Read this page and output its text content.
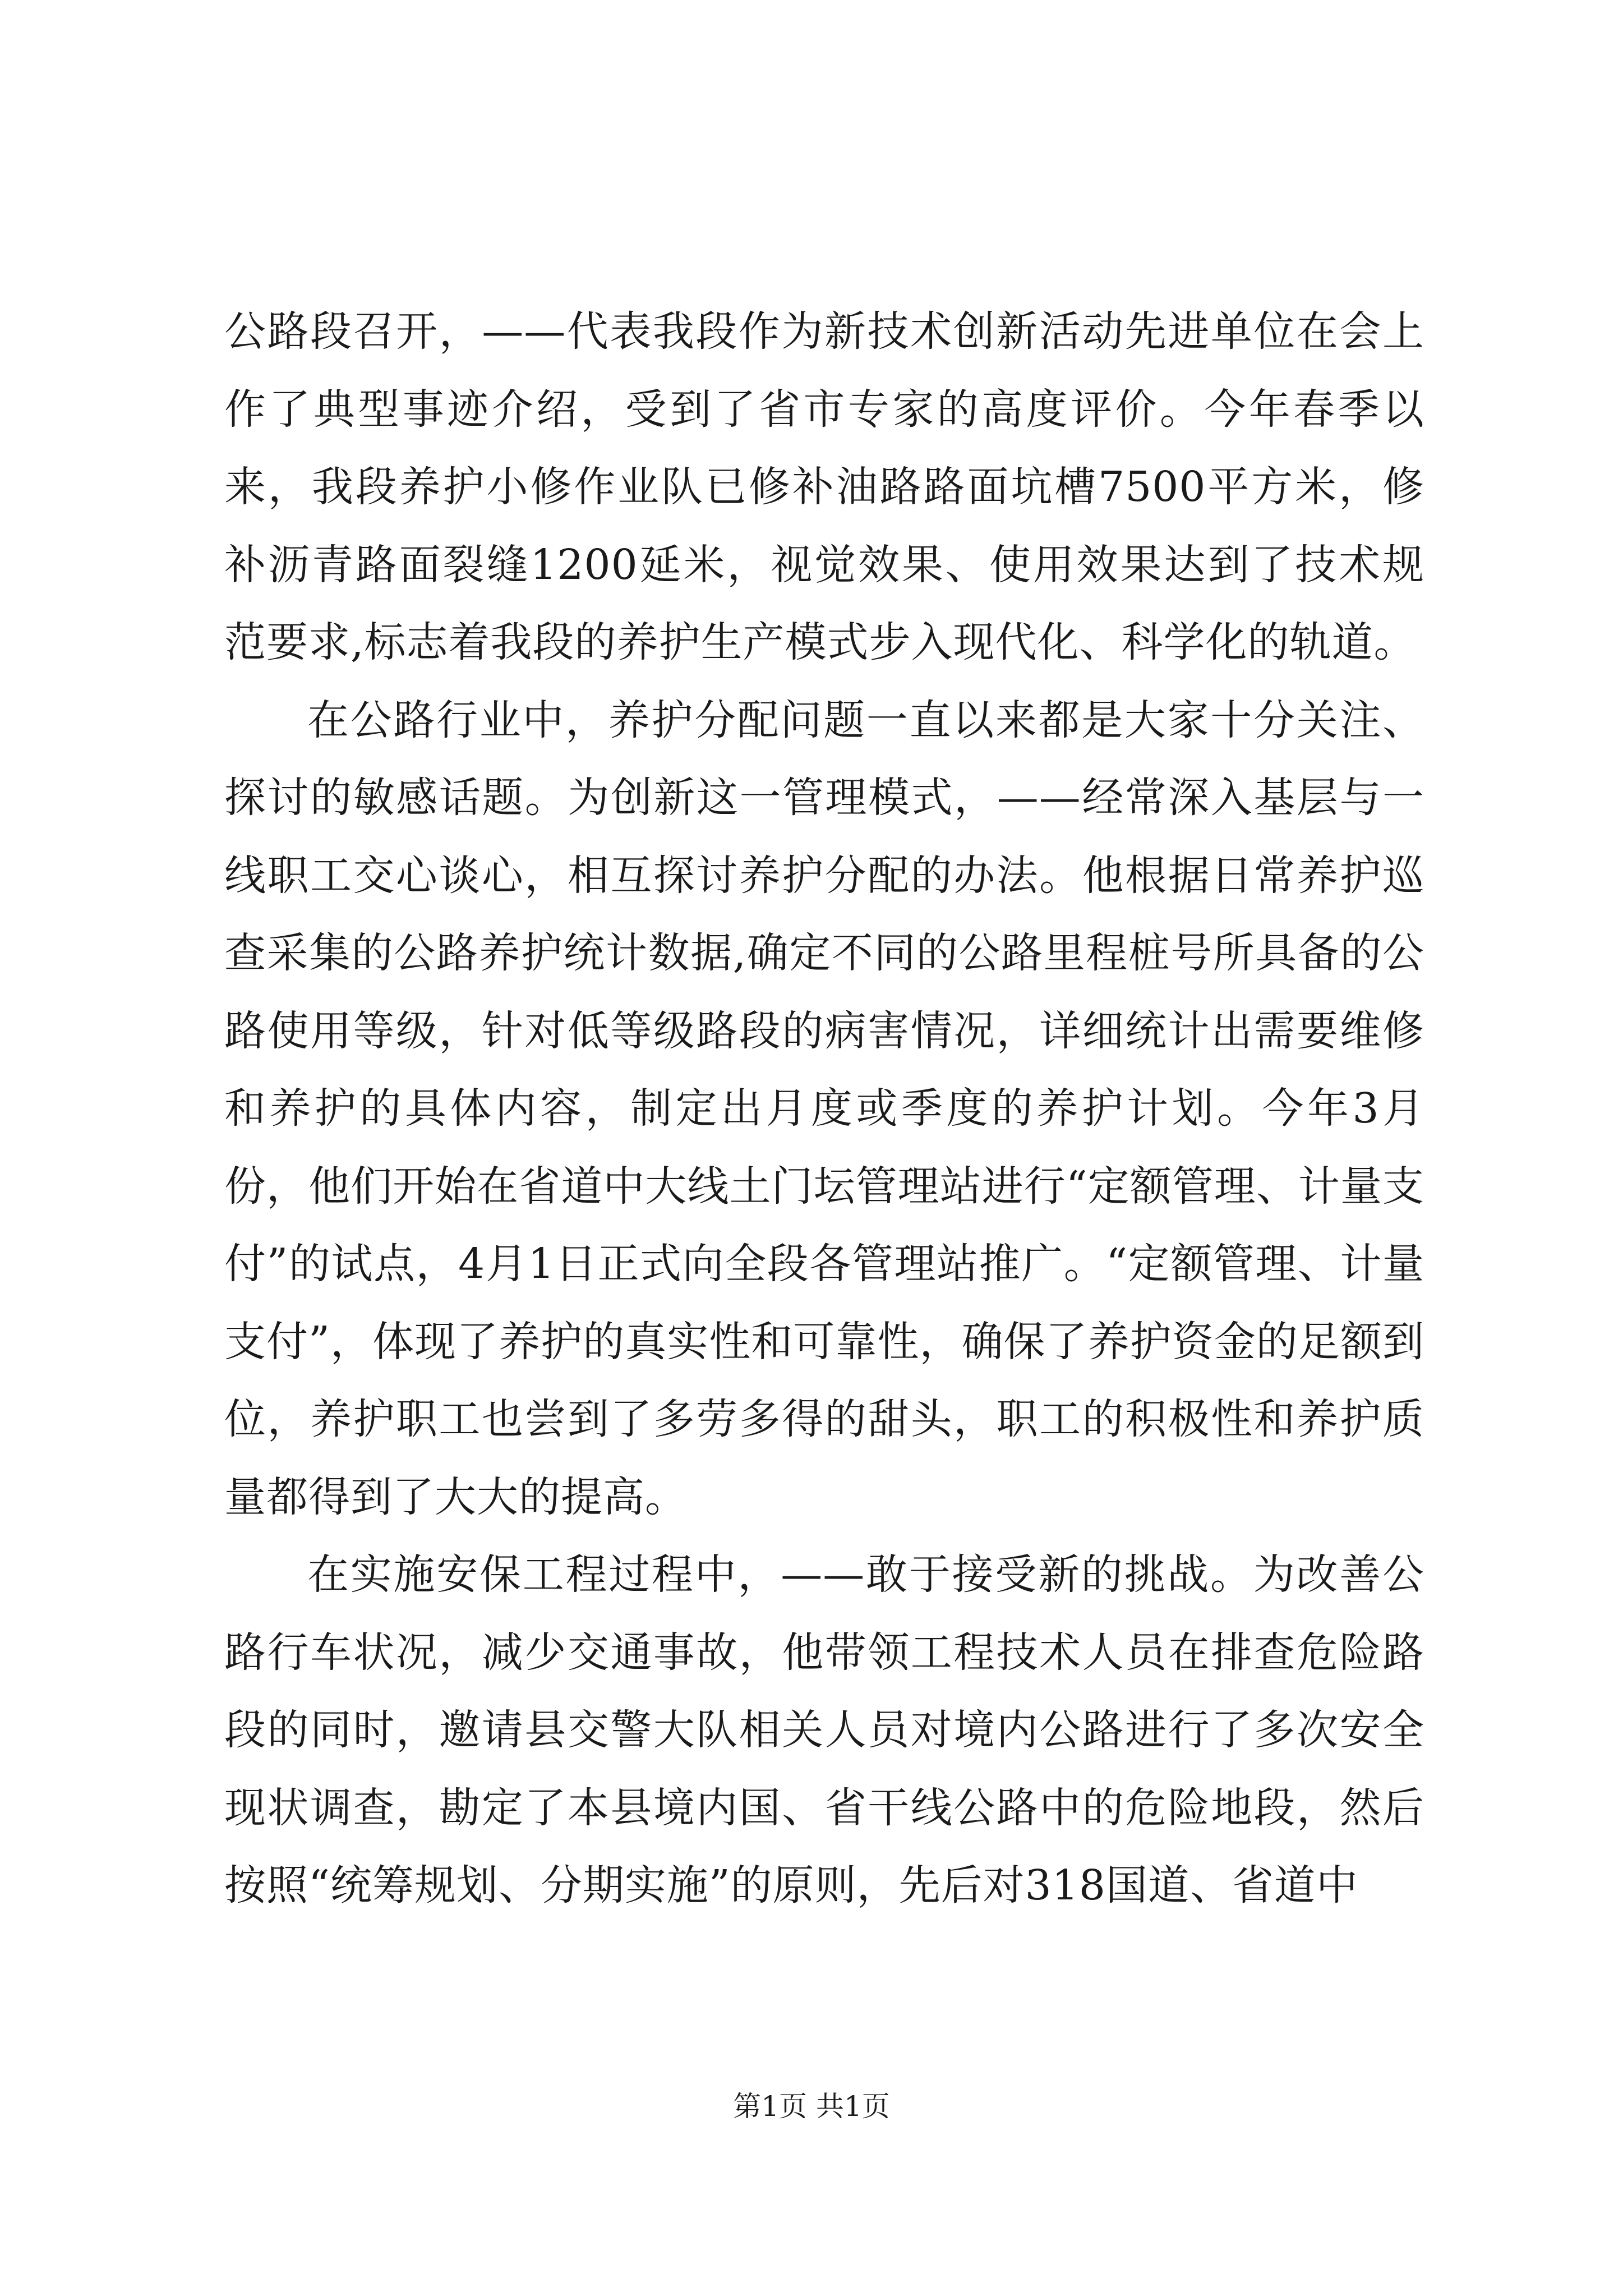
公路段召开，——代表我段作为新技术创新活动先进单位在会上作了典型事迹介绍，受到了省市专家的高度评价。今年春季以来，我段养护小修作业队已修补油路路面坑槽7500平方米，修补沥青路面裂缝1200延米，视觉效果、使用效果达到了技术规范要求,标志着我段的养护生产模式步入现代化、科学化的轨道。

在公路行业中，养护分配问题一直以来都是大家十分关注、探讨的敏感话题。为创新这一管理模式，——经常深入基层与一线职工交心谈心，相互探讨养护分配的办法。他根据日常养护巡查采集的公路养护统计数据,确定不同的公路里程桩号所具备的公路使用等级，针对低等级路段的病害情况，详细统计出需要维修和养护的具体内容，制定出月度或季度的养护计划。今年3月份，他们开始在省道中大线土门坛管理站进行“定额管理、计量支付”的试点，4月1日正式向全段各管理站推广。“定额管理、计量支付”，体现了养护的真实性和可靠性，确保了养护资金的足额到位，养护职工也尝到了多劳多得的甜头，职工的积极性和养护质量都得到了大大的提高。

在实施安保工程过程中，——敢于接受新的挑战。为改善公路行车状况，减少交通事故，他带领工程技术人员在排查危险路段的同时，邀请县交警大队相关人员对境内公路进行了多次安全现状调查，勘定了本县境内国、省干线公路中的危险地段，然后按照“统筹规划、分期实施”的原则，先后对318国道、省道中

第1页 共1页
